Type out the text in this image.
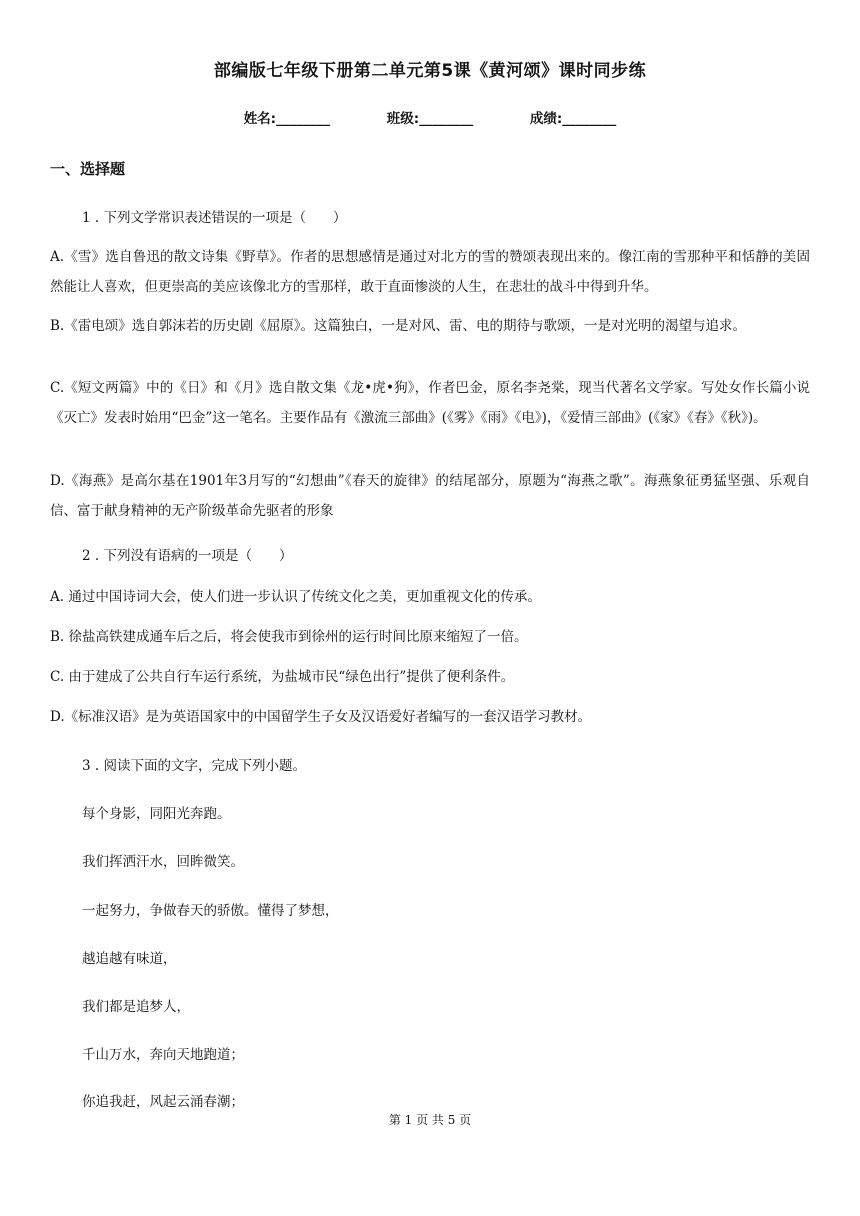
部编版七年级下册第二单元第5课《黄河颂》课时同步练
姓名:________	班级:________	成绩:________
一、选择题
1 . 下列文学常识表述错误的一项是（　　）
A.《雪》选自鲁迅的散文诗集《野草》。作者的思想感情是通过对北方的雪的赞颂表现出来的。像江南的雪那种平和恬静的美固然能让人喜欢，但更崇高的美应该像北方的雪那样，敢于直面惨淡的人生，在悲壮的战斗中得到升华。
B.《雷电颂》选自郭沫若的历史剧《屈原》。这篇独白，一是对风、雷、电的期待与歌颂，一是对光明的渴望与追求。
C.《短文两篇》中的《日》和《月》选自散文集《龙•虎•狗》，作者巴金，原名李尧棠，现当代著名文学家。写处女作长篇小说《灭亡》发表时始用“巴金”这一笔名。主要作品有《激流三部曲》(《雾》《雨》《电》)，《爱情三部曲》(《家》《春》《秋》)。
D.《海燕》是高尔基在1901年3月写的“幻想曲”《春天的旋律》的结尾部分，原题为“海燕之歌”。海燕象征勇猛坚强、乐观自信、富于献身精神的无产阶级革命先驱者的形象
2 . 下列没有语病的一项是（　　）
A. 通过中国诗词大会，使人们进一步认识了传统文化之美，更加重视文化的传承。
B. 徐盐高铁建成通车后之后，将会使我市到徐州的运行时间比原来缩短了一倍。
C. 由于建成了公共自行车运行系统，为盐城市民“绿色出行”提供了便利条件。
D.《标准汉语》是为英语国家中的中国留学生子女及汉语爱好者编写的一套汉语学习教材。
3 . 阅读下面的文字，完成下列小题。
每个身影，同阳光奔跑。
我们挥洒汗水，回眸微笑。
一起努力，争做春天的骄傲。懂得了梦想，
越追越有味道，
我们都是追梦人，
千山万水，奔向天地跑道；
你追我赶，风起云涌春潮；
第 1 页 共 5 页
